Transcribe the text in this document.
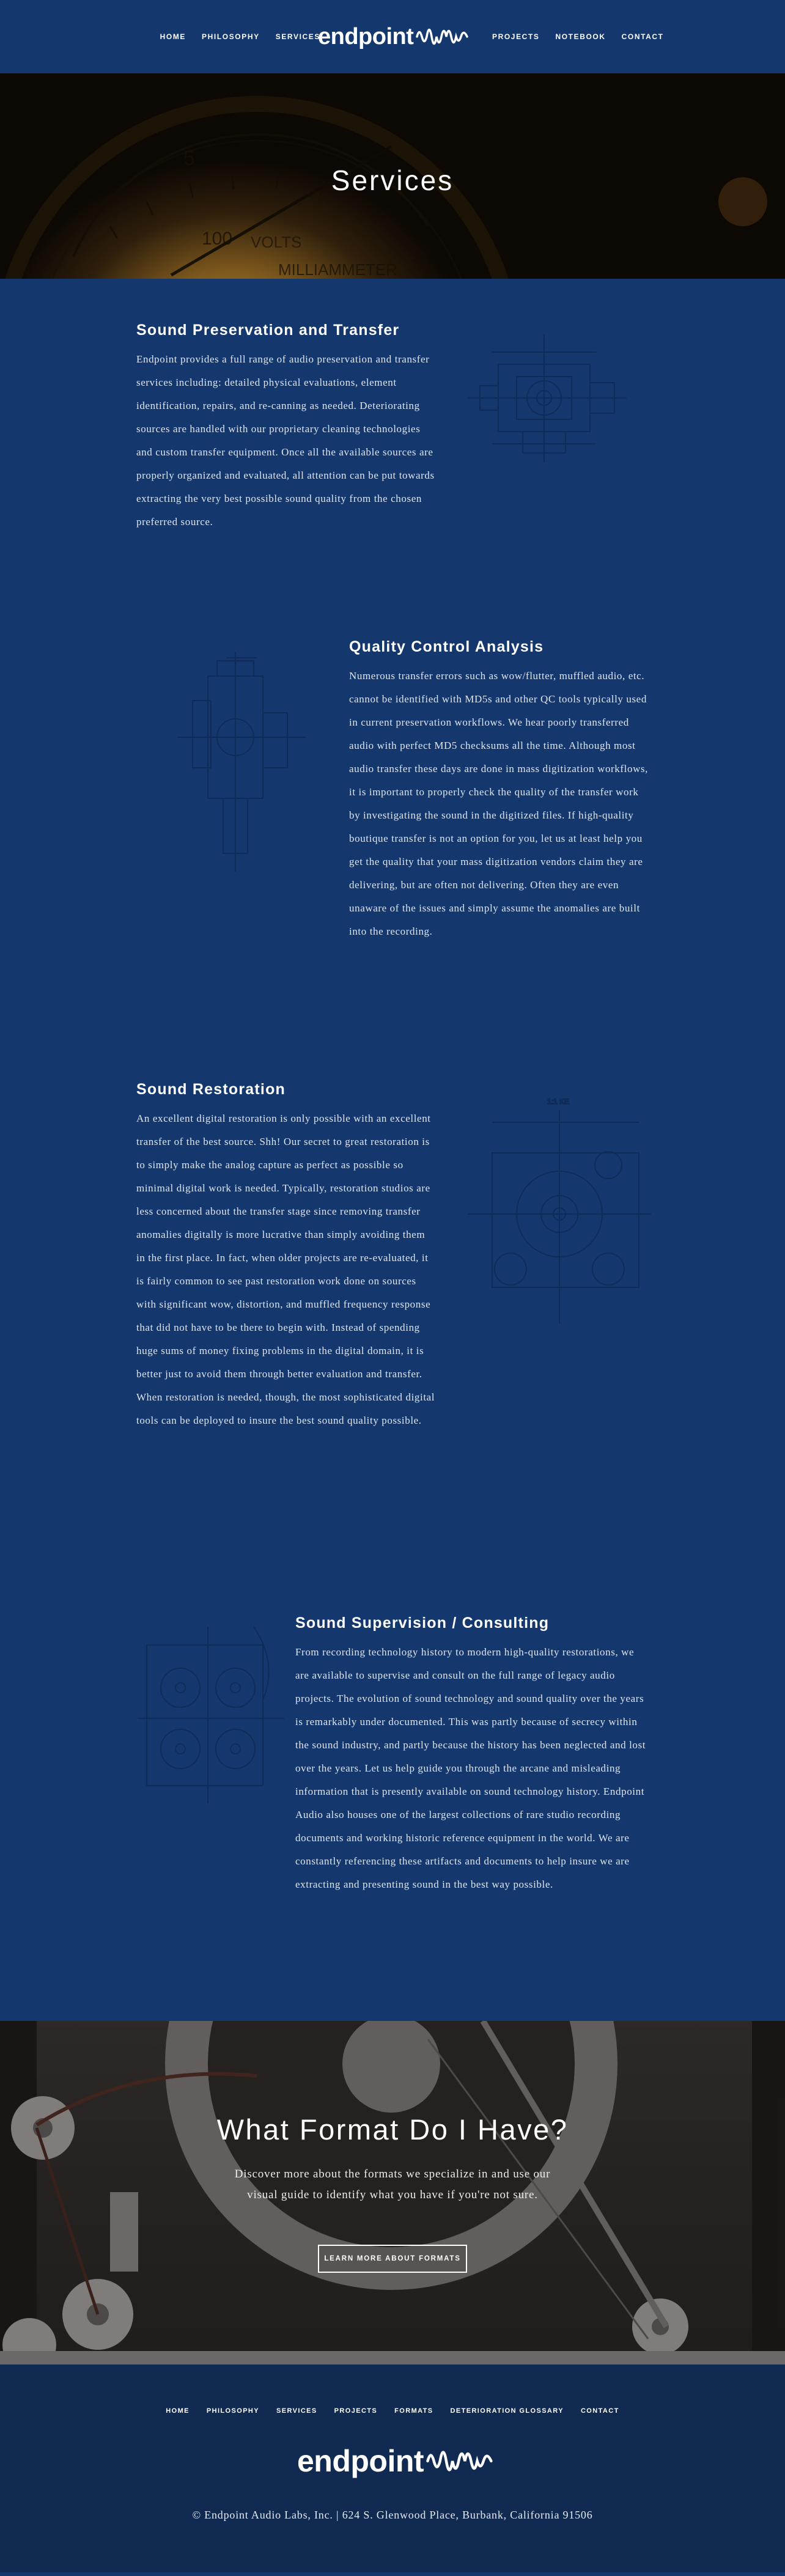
HOME PHILOSOPHY SERVICES
endpoint	PROJECTS NOTEBOOK CONTACT
Services
Sound Preservation and Transfer

Endpoint provides a full range of audio preservation and transfer services including: detailed physical evaluations, element identification, repairs, and re-canning as needed. Deteriorating sources are handled with our proprietary cleaning technologies and custom transfer equipment. Once all the available sources are properly organized and evaluated, all attention can be put towards extracting the very best possible sound quality from the chosen preferred source.

Quality Control Analysis

Numerous transfer errors such as wow/flutter, muffled audio, etc. cannot be identified with MD5s and other QC tools typically used in current preservation workflows. We hear poorly transferred audio with perfect MD5 checksums all the time. Although most audio transfer these days are done in mass digitization workflows, it is important to properly check the quality of the transfer work by investigating the sound in the digitized files. If high-quality boutique transfer is not an option for you, let us at least help you get the quality that your mass digitization vendors claim they are delivering, but are often not delivering. Often they are even unaware of the issues and simply assume the anomalies are built into the recording.

Sound Restoration

An excellent digital restoration is only possible with an excellent transfer of the best source. Shh! Our secret to great restoration is to simply make the analog capture as perfect as possible so minimal digital work is needed. Typically, restoration studios are less concerned about the transfer stage since removing transfer anomalies digitally is more lucrative than simply avoiding them in the first place. In fact, when older projects are re-evaluated, it is fairly common to see past restoration work done on sources with significant wow, distortion, and muffled frequency response that did not have to be there to begin with. Instead of spending huge sums of money fixing problems in the digital domain, it is better just to avoid them through better evaluation and transfer. When restoration is needed, though, the most sophisticated digital tools can be deployed to insure the best sound quality possible.

1:1 KE
Sound Supervision / Consulting

From recording technology history to modern high-quality restorations, we are available to supervise and consult on the full range of legacy audio projects. The evolution of sound technology and sound quality over the years is remarkably under documented. This was partly because of secrecy within the sound industry, and partly because the history has been neglected and lost over the years. Let us help guide you through the arcane and misleading information that is presently available on sound technology history. Endpoint Audio also houses one of the largest collections of rare studio recording documents and working historic reference equipment in the world. We are constantly referencing these artifacts and documents to help insure we are extracting and presenting sound in the best way possible.

What Format Do I Have?

Discover more about the formats we specialize in and use our visual guide to identify what you have if you're not sure.

LEARN MORE ABOUT FORMATS
HOME	PHILOSOPHY	SERVICES	PROJECTS	FORMATS	DETERIORATION GLOSSARY	CONTACT
endpoint
© Endpoint Audio Labs, Inc. | 624 S. Glenwood Place, Burbank, California 91506
